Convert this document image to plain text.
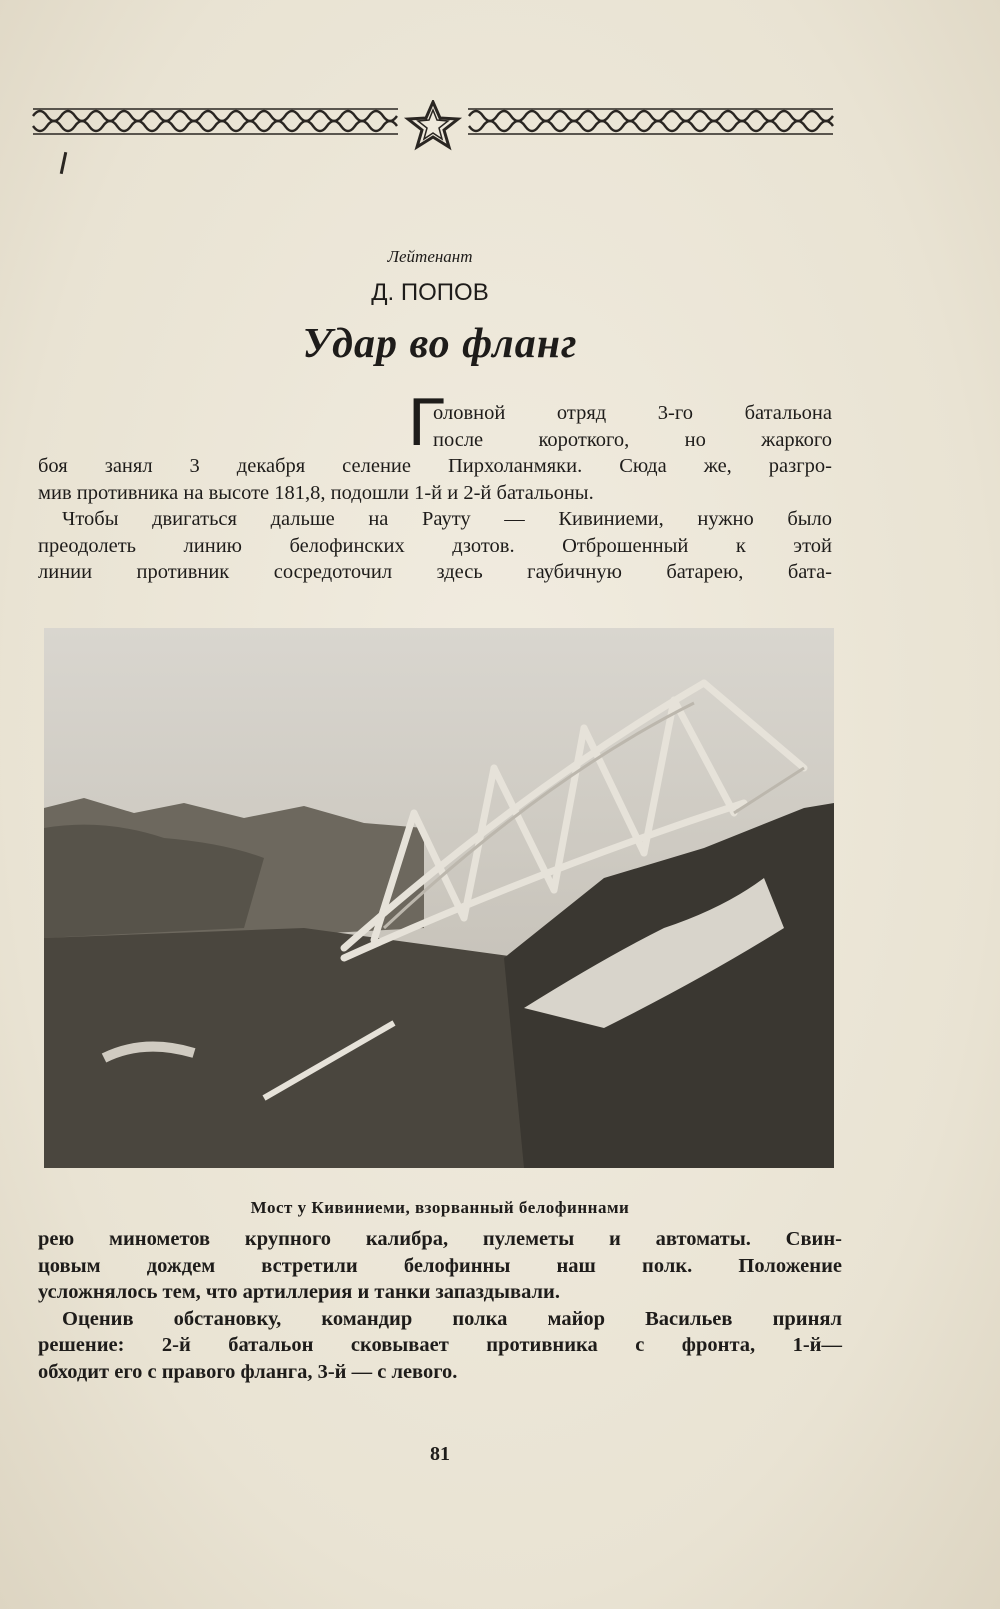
Лейтенант
Д. ПОПОВ
Удар во фланг
Г
оловной отряд 3-го батальона
после короткого, но жаркого
боя занял 3 декабря селение Пирхоланмяки. Сюда же, разгро-
мив противника на высоте 181,8, подошли 1-й и 2-й батальоны.
Чтобы двигаться дальше на Рауту — Кивиниеми, нужно было
преодолеть линию белофинских дзотов. Отброшенный к этой
линии противник сосредоточил здесь гаубичную батарею, бата-
Мост у Кивиниеми, взорванный белофиннами
рею минометов крупного калибра, пулеметы и автоматы. Свин-
цовым дождем встретили белофинны наш полк. Положение
усложнялось тем, что артиллерия и танки запаздывали.
Оценив обстановку, командир полка майор Васильев принял
решение: 2-й батальон сковывает противника с фронта, 1-й—
обходит его с правого фланга, 3-й — с левого.
81
